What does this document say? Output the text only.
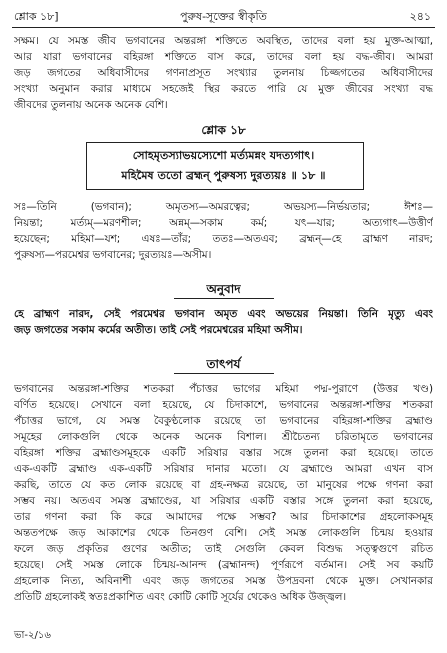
শ্লোক ১৮]	পুরুষ-সূক্তের স্বীকৃতি	২৪১
সক্ষম। যে সমস্ত জীব ভগবানের অন্তরঙ্গা শক্তিতে অবস্থিত, তাদের বলা হয় মুক্ত-আত্মা,
আর যারা ভগবানের বহিরঙ্গা শক্তিতে বাস করে, তাদের বলা হয় বদ্ধ-জীব। আমরা
জড় জগতের অধিবাসীদের গণনাপ্রসূত সংখ্যার তুলনায় চিজ্জগতের অধিবাসীদের
সংখ্যা অনুমান করার মাধ্যমে সহজেই স্থির করতে পারি যে মুক্ত জীবের সংখ্যা বদ্ধ
জীবদের তুলনায় অনেক অনেক বেশি।
শ্লোক ১৮
সোহমৃতস্যাভয়স্যেশো মর্ত্যমন্নং যদত্যগাৎ।
মহিমৈষ ততো ব্রহ্মন্ পুরুষস্য দুরত্যয়ঃ ॥ ১৮ ॥
সঃ—তিনি (ভগবান); অমৃতস্য—অমরত্বের; অভয়স্য—নির্ভয়তার; ঈশঃ—
নিয়ন্তা; মর্ত্যম্—মরণশীল; অন্নম্—সকাম কর্ম; যৎ—যার; অত্যগাৎ—উত্তীর্ণ
হয়েছেন; মহিমা—যশ; এষঃ—তাঁর; ততঃ—অতএব; ব্রহ্মন্—হে ব্রাহ্মণ নারদ;
পুরুষস্য—পরমেশ্বর ভগবানের; দুরত্যয়ঃ—অসীম।
অনুবাদ
হে ব্রাহ্মণ নারদ, সেই পরমেশ্বর ভগবান অমৃত এবং অভয়ের নিয়ন্তা। তিনি মৃত্যু এবং
জড় জগতের সকাম কর্মের অতীত। তাই সেই পরমেশ্বরের মহিমা অসীম।
তাৎপর্য
ভগবানের অন্তরঙ্গা-শক্তির শতকরা পঁচাত্তর ভাগের মহিমা পদ্ম-পুরাণে (উত্তর খণ্ড)
বর্ণিত হয়েছে। সেখানে বলা হয়েছে, যে চিদাকাশে, ভগবানের অন্তরঙ্গা-শক্তির শতকরা
পঁচাত্তর ভাগে, যে সমস্ত বৈকুণ্ঠলোক রয়েছে তা ভগবানের বহিরঙ্গা-শক্তির ব্রহ্মাণ্ড
সমূহের লোকগুলি থেকে অনেক অনেক বিশাল। শ্রীচৈতন্য চরিতামৃতে ভগবানের
বহিরঙ্গা শক্তির ব্রহ্মাণ্ডসমূহকে একটি সরিষার বস্তার সঙ্গে তুলনা করা হয়েছে। তাতে
এক-একটি ব্রহ্মাণ্ড এক-একটি সরিষার দানার মতো। যে ব্রহ্মাণ্ডে আমরা এখন বাস
করছি, তাতে যে কত লোক রয়েছে বা গ্রহ-নক্ষত্র রয়েছে, তা মানুষের পক্ষে গণনা করা
সম্ভব নয়। অতএব সমস্ত ব্রহ্মাণ্ডের, যা সরিষার একটি বস্তার সঙ্গে তুলনা করা হয়েছে,
তার গণনা করা কি করে আমাদের পক্ষে সম্ভব? আর চিদাকাশের গ্রহলোকসমূহ
অন্ততপক্ষে জড় আকাশের থেকে তিনগুণ বেশি। সেই সমস্ত লোকগুলি চিন্ময় হওয়ার
ফলে জড় প্রকৃতির গুণের অতীত; তাই সেগুলি কেবল বিশুদ্ধ সত্ত্বগুণে রচিত
হয়েছে। সেই সমস্ত লোকে চিন্ময়-আনন্দ (ব্রহ্মানন্দ) পূর্ণরূপে বর্তমান। সেই সব কয়টি
গ্রহলোক নিত্য, অবিনাশী এবং জড় জগতের সমস্ত উপদ্রবনা থেকে মুক্ত। সেখানকার
প্রতিটি গ্রহলোকই স্বতঃপ্রকাশিত এবং কোটি কোটি সূর্যের থেকেও অধিক উজ্জ্বল।
ভা-২/১৬
